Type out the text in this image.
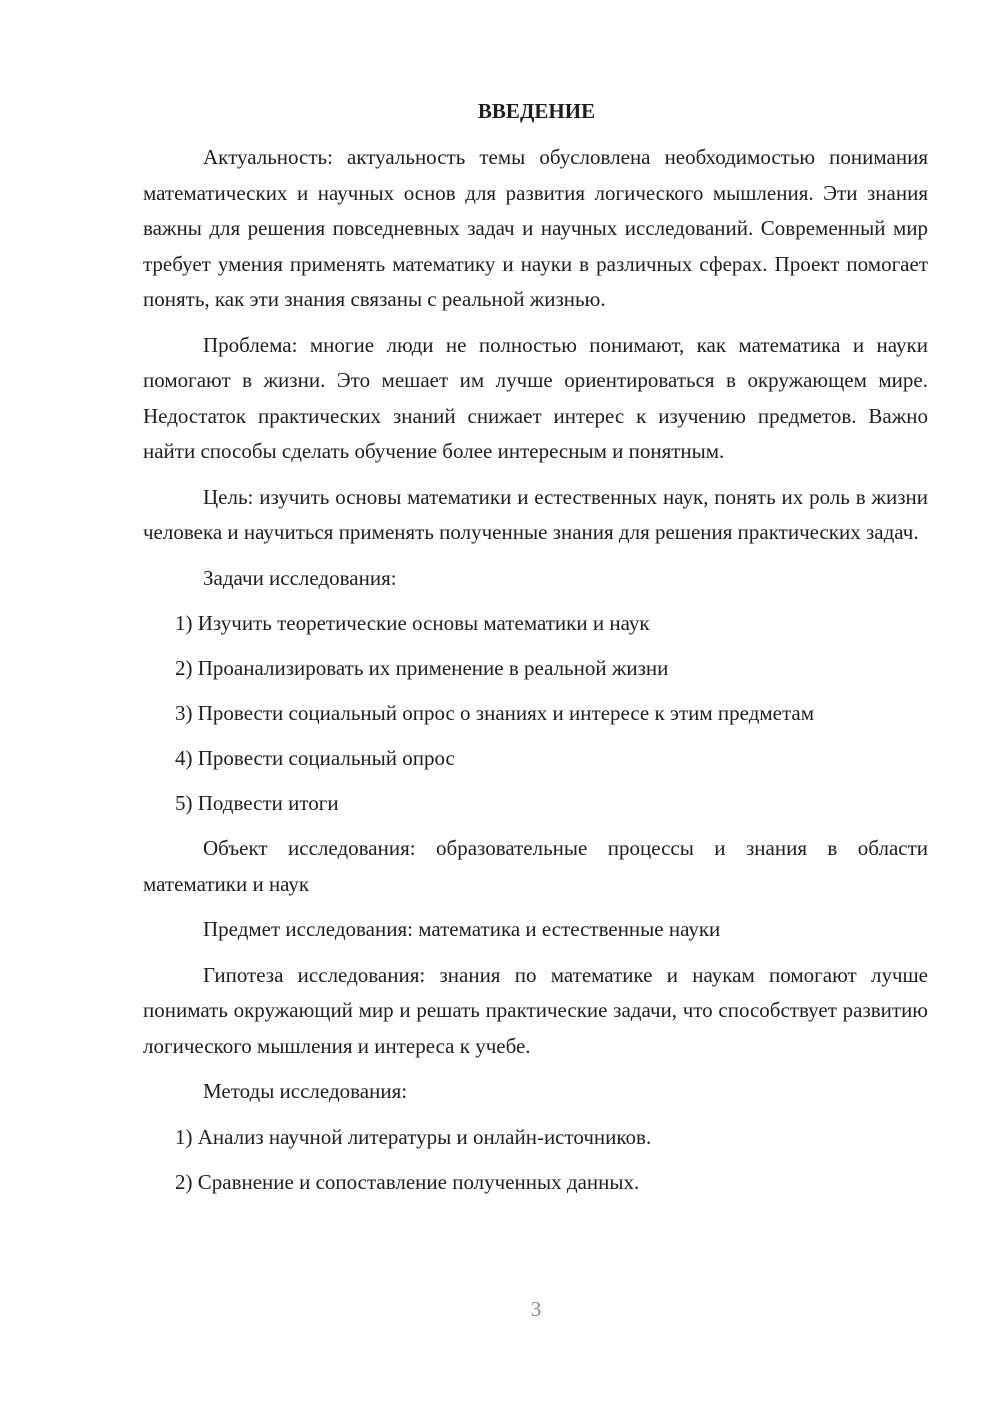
ВВЕДЕНИЕ

Актуальность: актуальность темы обусловлена необходимостью понимания математических и научных основ для развития логического мышления. Эти знания важны для решения повседневных задач и научных исследований. Современный мир требует умения применять математику и науки в различных сферах. Проект помогает понять, как эти знания связаны с реальной жизнью.

Проблема: многие люди не полностью понимают, как математика и науки помогают в жизни. Это мешает им лучше ориентироваться в окружающем мире. Недостаток практических знаний снижает интерес к изучению предметов. Важно найти способы сделать обучение более интересным и понятным.

Цель: изучить основы математики и естественных наук, понять их роль в жизни человека и научиться применять полученные знания для решения практических задач.

Задачи исследования:

1) Изучить теоретические основы математики и наук
2) Проанализировать их применение в реальной жизни
3) Провести социальный опрос о знаниях и интересе к этим предметам
4) Провести социальный опрос
5) Подвести итоги

Объект исследования: образовательные процессы и знания в области математики и наук

Предмет исследования: математика и естественные науки

Гипотеза исследования: знания по математике и наукам помогают лучше понимать окружающий мир и решать практические задачи, что способствует развитию логического мышления и интереса к учебе.

Методы исследования:

1) Анализ научной литературы и онлайн-источников.
2) Сравнение и сопоставление полученных данных.
3
